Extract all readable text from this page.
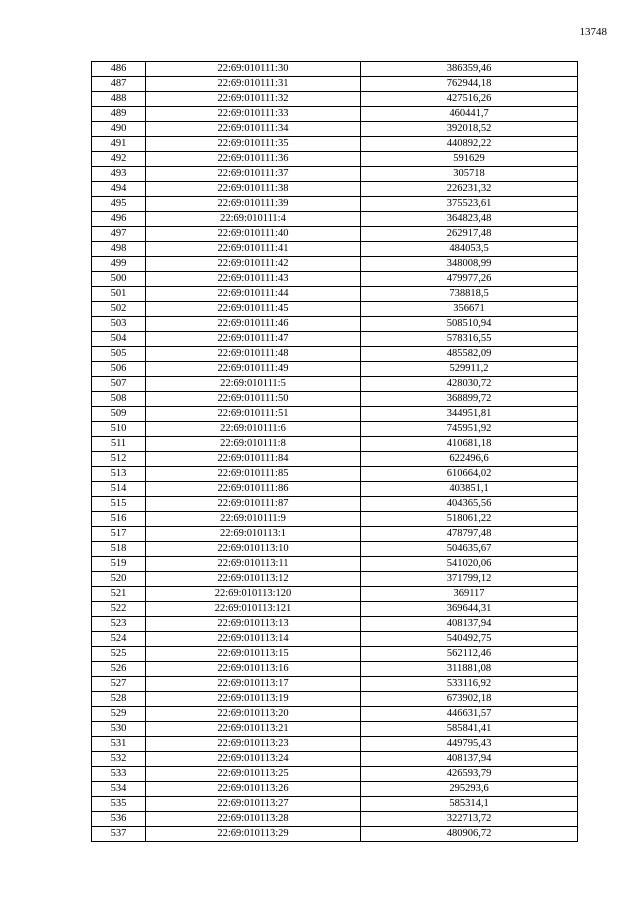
13748
486	22:69:010111:30	386359,46
487	22:69:010111:31	762944,18
488	22:69:010111:32	427516,26
489	22:69:010111:33	460441,7
490	22:69:010111:34	392018,52
491	22:69:010111:35	440892,22
492	22:69:010111:36	591629
493	22:69:010111:37	305718
494	22:69:010111:38	226231,32
495	22:69:010111:39	375523,61
496	22:69:010111:4	364823,48
497	22:69:010111:40	262917,48
498	22:69:010111:41	484053,5
499	22:69:010111:42	348008,99
500	22:69:010111:43	479977,26
501	22:69:010111:44	738818,5
502	22:69:010111:45	356671
503	22:69:010111:46	508510,94
504	22:69:010111:47	578316,55
505	22:69:010111:48	485582,09
506	22:69:010111:49	529911,2
507	22:69:010111:5	428030,72
508	22:69:010111:50	368899,72
509	22:69:010111:51	344951,81
510	22:69:010111:6	745951,92
511	22:69:010111:8	410681,18
512	22:69:010111:84	622496,6
513	22:69:010111:85	610664,02
514	22:69:010111:86	403851,1
515	22:69:010111:87	404365,56
516	22:69:010111:9	518061,22
517	22:69:010113:1	478797,48
518	22:69:010113:10	504635,67
519	22:69:010113:11	541020,06
520	22:69:010113:12	371799,12
521	22:69:010113:120	369117
522	22:69:010113:121	369644,31
523	22:69:010113:13	408137,94
524	22:69:010113:14	540492,75
525	22:69:010113:15	562112,46
526	22:69:010113:16	311881,08
527	22:69:010113:17	533116,92
528	22:69:010113:19	673902,18
529	22:69:010113:20	446631,57
530	22:69:010113:21	585841,41
531	22:69:010113:23	449795,43
532	22:69:010113:24	408137,94
533	22:69:010113:25	426593,79
534	22:69:010113:26	295293,6
535	22:69:010113:27	585314,1
536	22:69:010113:28	322713,72
537	22:69:010113:29	480906,72
